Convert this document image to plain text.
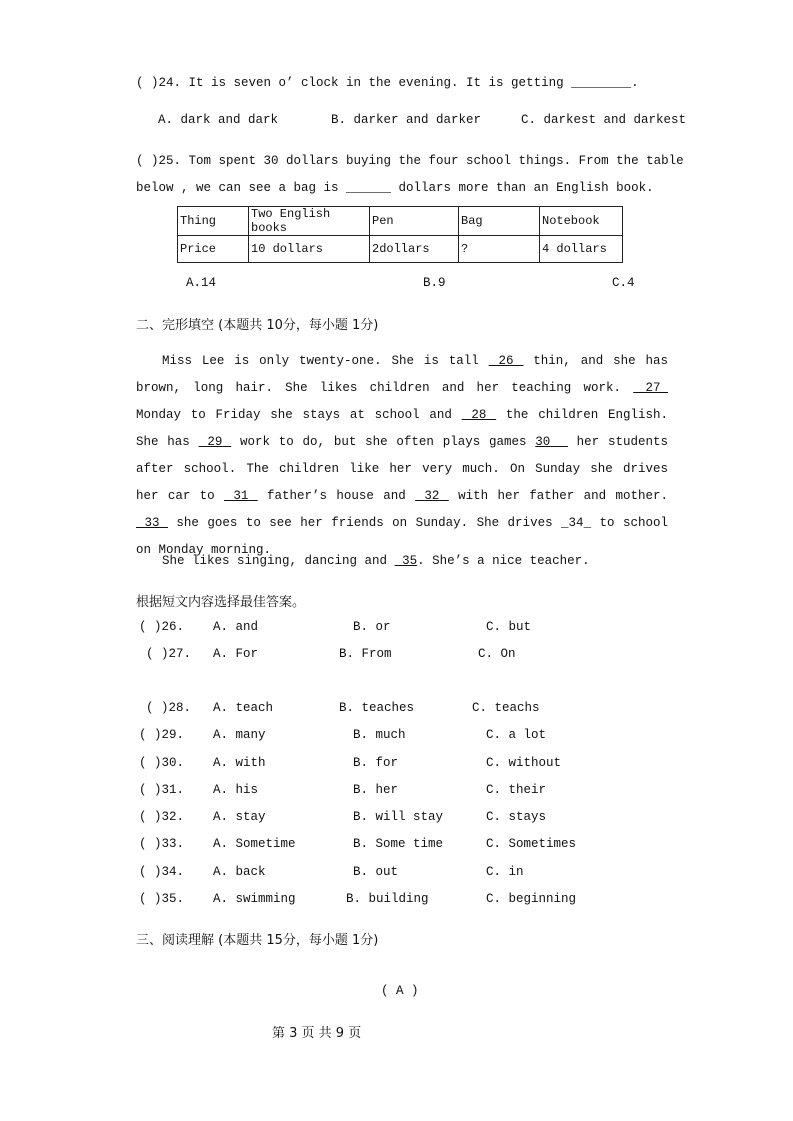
( )24. It is seven o’ clock in the evening. It is getting ________.
A. dark and dark	B. darker and darker	C. darkest and darkest
( )25. Tom spent 30 dollars buying the four school things. From the table
below , we can see a bag is ______ dollars more than an English book.
Thing	Two English books	Pen	Bag	Notebook
Price	10 dollars	2dollars	?	4 dollars
A.14	B.9	C.4
二、完形填空 (本题共 10分，每小题 1分)
Miss Lee is only twenty-one. She is tall  26  thin, and she has brown, long hair. She likes children and her teaching work.  27  Monday to Friday she stays at school and  28  the children English. She has  29  work to do, but she often plays games 30   her students after school. The children like her very much. On Sunday she drives her car to  31  father’s house and  32  with her father and mother.  33  she goes to see her friends on Sunday. She drives _34_ to school on Monday morning.
She likes singing, dancing and  35. She’s a nice teacher.
根据短文内容选择最佳答案。
( )26. A. and	B. or	C. but
( )27. A. For	B. From	C. On
( )28. A. teach	B. teaches	C. teachs
( )29. A. many	B. much	C. a lot
( )30. A. with	B. for	C. without
( )31. A. his	B. her	C. their
( )32. A. stay	B. will stay	C. stays
( )33. A. Sometime	B. Some time	C. Sometimes
( )34. A. back	B. out	C. in
( )35. A. swimming	B. building	C. beginning
三、阅读理解 (本题共 15分，每小题 1分)
( A )
第 3 页 共 9 页
